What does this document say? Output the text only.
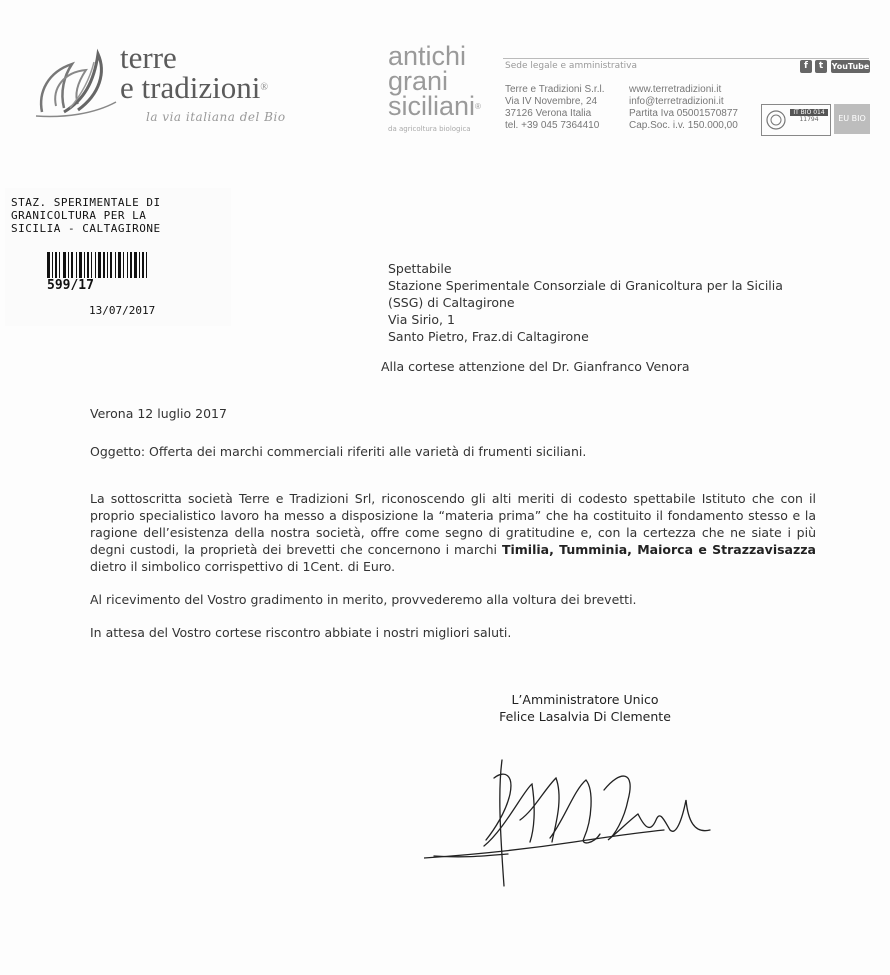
terre
e tradizioni®
la via italiana del Bio
antichi
grani
siciliani®
da agricoltura biologica
Sede legale e amministrativa	f	t	YouTube
Terre e Tradizioni S.r.l.
Via IV Novembre, 24
37126 Verona Italia
tel. +39 045 7364410
www.terretradizioni.it
info@terretradizioni.it
Partita Iva 05001570877
Cap.Soc. i.v. 150.000,00
IT BIO 014
11794	EU BIO
STAZ. SPERIMENTALE DI
GRANICOLTURA PER LA
SICILIA - CALTAGIRONE
599/17
13/07/2017
Spettabile
Stazione Sperimentale Consorziale di Granicoltura per la Sicilia
(SSG) di Caltagirone
Via Sirio, 1
Santo Pietro, Fraz.di Caltagirone
Alla cortese attenzione del Dr. Gianfranco Venora
Verona 12 luglio 2017
Oggetto: Offerta dei marchi commerciali riferiti alle varietà di frumenti siciliani.
La sottoscritta società Terre e Tradizioni Srl, riconoscendo gli alti meriti di codesto spettabile Istituto che con il proprio specialistico lavoro ha messo a disposizione la “materia prima” che ha costituito il fondamento stesso e la ragione dell’esistenza della nostra società, offre come segno di gratitudine e, con la certezza che ne siate i più degni custodi, la proprietà dei brevetti che concernono i marchi Timilia, Tumminia, Maiorca e Strazzavisazza dietro il simbolico corrispettivo di 1Cent. di Euro.
Al ricevimento del Vostro gradimento in merito, provvederemo alla voltura dei brevetti.
In attesa del Vostro cortese riscontro abbiate i nostri migliori saluti.
L’Amministratore Unico
Felice Lasalvia Di Clemente
